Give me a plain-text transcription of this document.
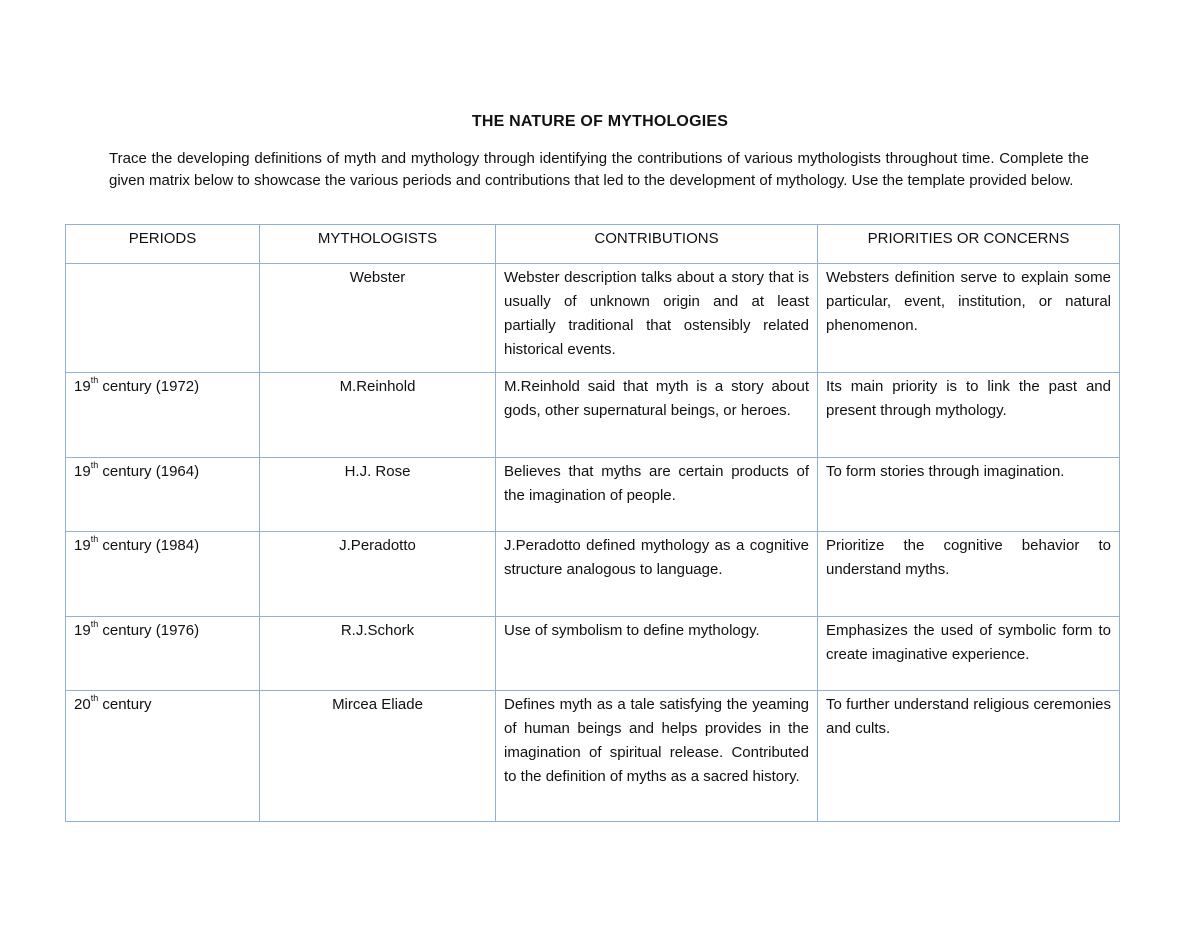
THE NATURE OF MYTHOLOGIES
Trace the developing definitions of myth and mythology through identifying the contributions of various mythologists throughout time. Complete the given matrix below to showcase the various periods and contributions that led to the development of mythology. Use the template provided below.
PERIODS	MYTHOLOGISTS	CONTRIBUTIONS	PRIORITIES OR CONCERNS
	Webster	Webster description talks about a story that is usually of unknown origin and at least partially traditional that ostensibly related historical events.	Websters definition serve to explain some particular, event, institution, or natural phenomenon.
19th century (1972)	M.Reinhold	M.Reinhold said that myth is a story about gods, other supernatural beings, or heroes.	Its main priority is to link the past and present through mythology.
19th century (1964)	H.J. Rose	Believes that myths are certain products of the imagination of people.	To form stories through imagination.
19th century (1984)	J.Peradotto	J.Peradotto defined mythology as a cognitive structure analogous to language.	Prioritize the cognitive behavior to understand myths.
19th century (1976)	R.J.Schork	Use of symbolism to define mythology.	Emphasizes the used of symbolic form to create imaginative experience.
20th century	Mircea Eliade	Defines myth as a tale satisfying the yeaming of human beings and helps provides in the imagination of spiritual release. Contributed to the definition of myths as a sacred history.	To further understand religious ceremonies and cults.
